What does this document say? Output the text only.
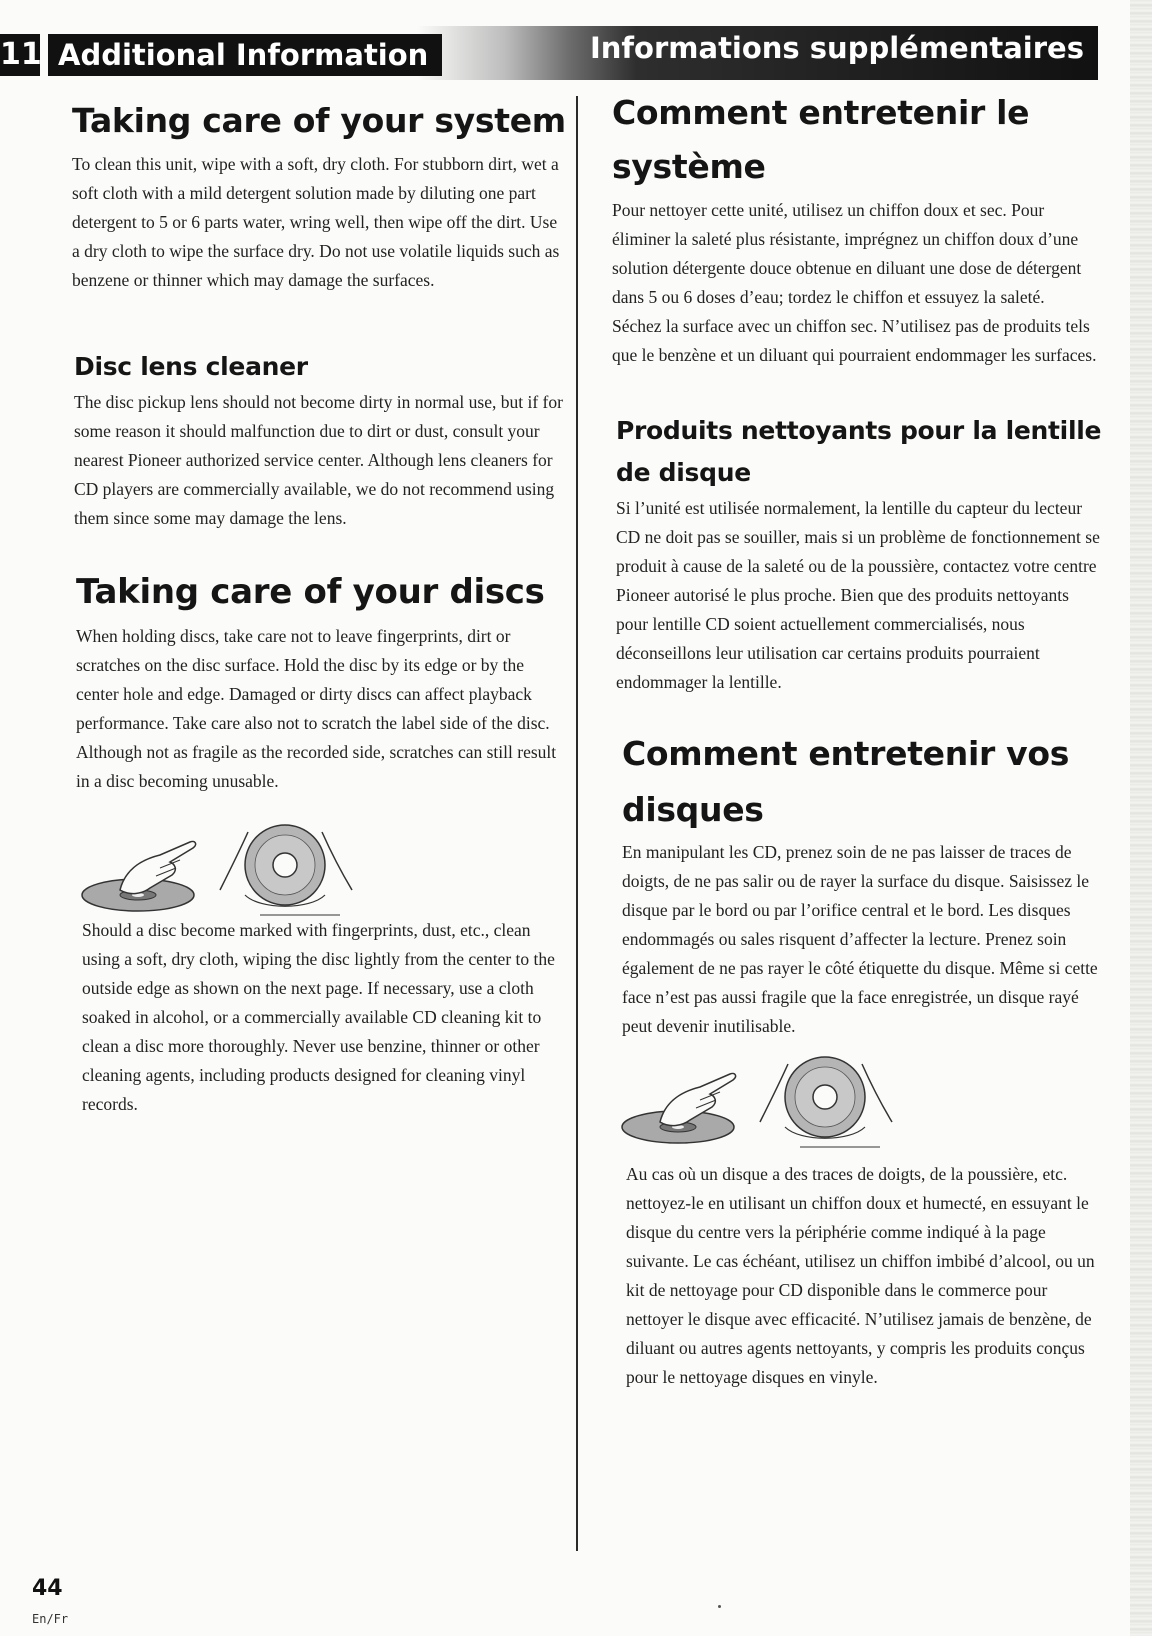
11 Additional Information	Informations supplémentaires
Taking care of your system

To clean this unit, wipe with a soft, dry cloth. For stubborn dirt, wet a soft cloth with a mild detergent solution made by diluting one part detergent to 5 or 6 parts water, wring well, then wipe off the dirt. Use a dry cloth to wipe the surface dry. Do not use volatile liquids such as benzene or thinner which may damage the surfaces.

Disc lens cleaner

The disc pickup lens should not become dirty in normal use, but if for some reason it should malfunction due to dirt or dust, consult your nearest Pioneer authorized service center. Although lens cleaners for CD players are commercially available, we do not recommend using them since some may damage the lens.

Taking care of your discs

When holding discs, take care not to leave fingerprints, dirt or scratches on the disc surface. Hold the disc by its edge or by the center hole and edge. Damaged or dirty discs can affect playback performance. Take care also not to scratch the label side of the disc. Although not as fragile as the recorded side, scratches can still result in a disc becoming unusable.

Should a disc become marked with fingerprints, dust, etc., clean using a soft, dry cloth, wiping the disc lightly from the center to the outside edge as shown on the next page. If necessary, use a cloth soaked in alcohol, or a commercially available CD cleaning kit to clean a disc more thoroughly. Never use benzine, thinner or other cleaning agents, including products designed for cleaning vinyl records.

Comment entretenir le système

Pour nettoyer cette unité, utilisez un chiffon doux et sec. Pour éliminer la saleté plus résistante, imprégnez un chiffon doux d’une solution détergente douce obtenue en diluant une dose de détergent dans 5 ou 6 doses d’eau; tordez le chiffon et essuyez la saleté. Séchez la surface avec un chiffon sec. N’utilisez pas de produits tels que le benzène et un diluant qui pourraient endommager les surfaces.

Produits nettoyants pour la lentille de disque

Si l’unité est utilisée normalement, la lentille du capteur du lecteur CD ne doit pas se souiller, mais si un problème de fonctionnement se produit à cause de la saleté ou de la poussière, contactez votre centre Pioneer autorisé le plus proche. Bien que des produits nettoyants pour lentille CD soient actuellement commercialisés, nous déconseillons leur utilisation car certains produits pourraient endommager la lentille.

Comment entretenir vos disques

En manipulant les CD, prenez soin de ne pas laisser de traces de doigts, de ne pas salir ou de rayer la surface du disque. Saisissez le disque par le bord ou par l’orifice central et le bord. Les disques endommagés ou sales risquent d’affecter la lecture. Prenez soin également de ne pas rayer le côté étiquette du disque. Même si cette face n’est pas aussi fragile que la face enregistrée, un disque rayé peut devenir inutilisable.

Au cas où un disque a des traces de doigts, de la poussière, etc. nettoyez-le en utilisant un chiffon doux et humecté, en essuyant le disque du centre vers la périphérie comme indiqué à la page suivante. Le cas échéant, utilisez un chiffon imbibé d’alcool, ou un kit de nettoyage pour CD disponible dans le commerce pour nettoyer le disque avec efficacité. N’utilisez jamais de benzène, de diluant ou autres agents nettoyants, y compris les produits conçus pour le nettoyage disques en vinyle.

44
En/Fr
